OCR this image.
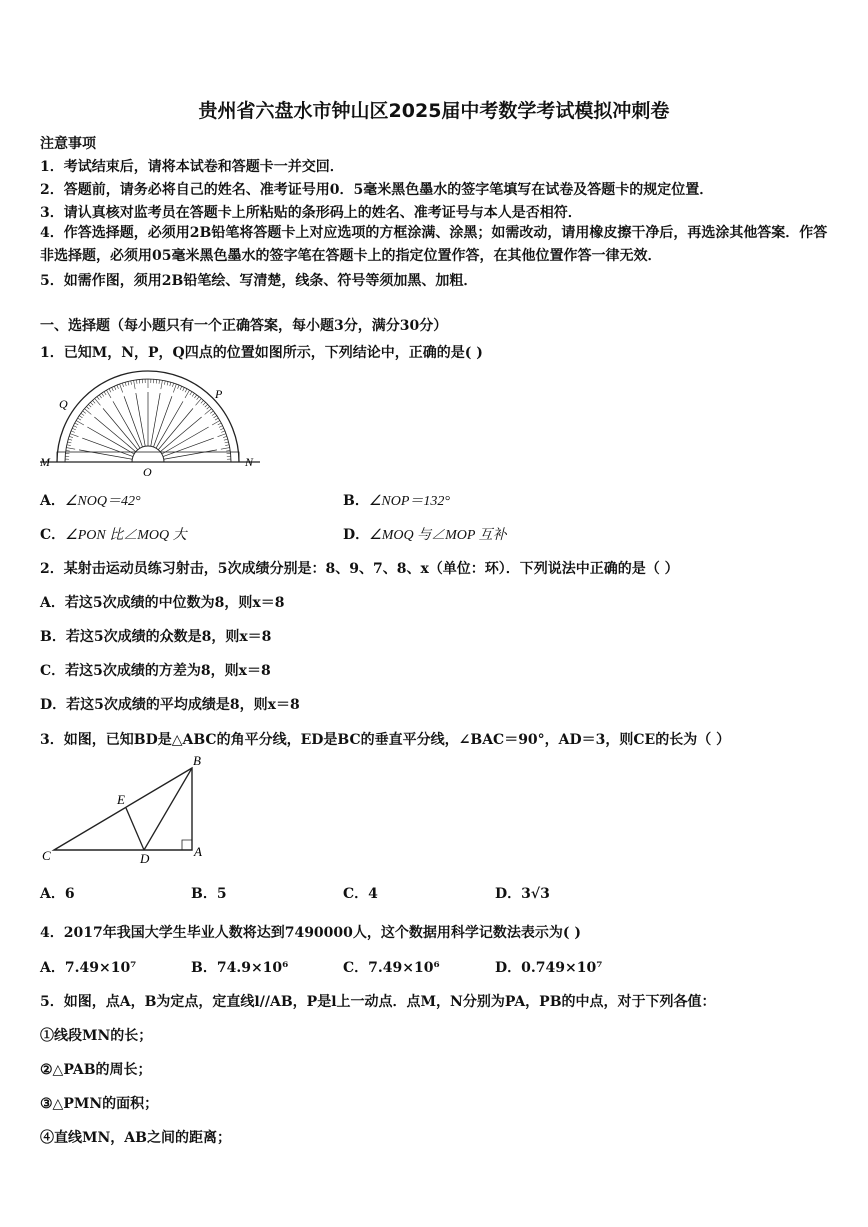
贵州省六盘水市钟山区2025届中考数学考试模拟冲刺卷
注意事项
1．考试结束后，请将本试卷和答题卡一并交回．
2．答题前，请务必将自己的姓名、准考证号用0．5毫米黑色墨水的签字笔填写在试卷及答题卡的规定位置．
3．请认真核对监考员在答题卡上所粘贴的条形码上的姓名、准考证号与本人是否相符．
4．作答选择题，必须用2B铅笔将答题卡上对应选项的方框涂满、涂黑；如需改动，请用橡皮擦干净后，再选涂其他答案．作答非选择题，必须用05毫米黑色墨水的签字笔在答题卡上的指定位置作答，在其他位置作答一律无效．
5．如需作图，须用2B铅笔绘、写清楚，线条、符号等须加黑、加粗．
一、选择题（每小题只有一个正确答案，每小题3分，满分30分）
1．已知M，N，P，Q四点的位置如图所示，下列结论中，正确的是( )
Q
P
M	N
O
A．∠NOQ＝42°	B．∠NOP＝132°
C．∠PON 比∠MOQ 大	D．∠MOQ 与∠MOP 互补
2．某射击运动员练习射击，5次成绩分别是：8、9、7、8、x（单位：环）．下列说法中正确的是（ ）
A．若这5次成绩的中位数为8，则x＝8
B．若这5次成绩的众数是8，则x＝8
C．若这5次成绩的方差为8，则x＝8
D．若这5次成绩的平均成绩是8，则x＝8
3．如图，已知BD是△ABC的角平分线，ED是BC的垂直平分线，∠BAC＝90°，AD＝3，则CE的长为（ ）
B
E
C	D	A
A．6	B．5	C．4	D．3√3
4．2017年我国大学生毕业人数将达到7490000人，这个数据用科学记数法表示为( )
A．7.49×10⁷	B．74.9×10⁶	C．7.49×10⁶	D．0.749×10⁷
5．如图，点A，B为定点，定直线l//AB，P是l上一动点．点M，N分别为PA，PB的中点，对于下列各值：
①线段MN的长；
②△PAB的周长；
③△PMN的面积；
④直线MN，AB之间的距离；
